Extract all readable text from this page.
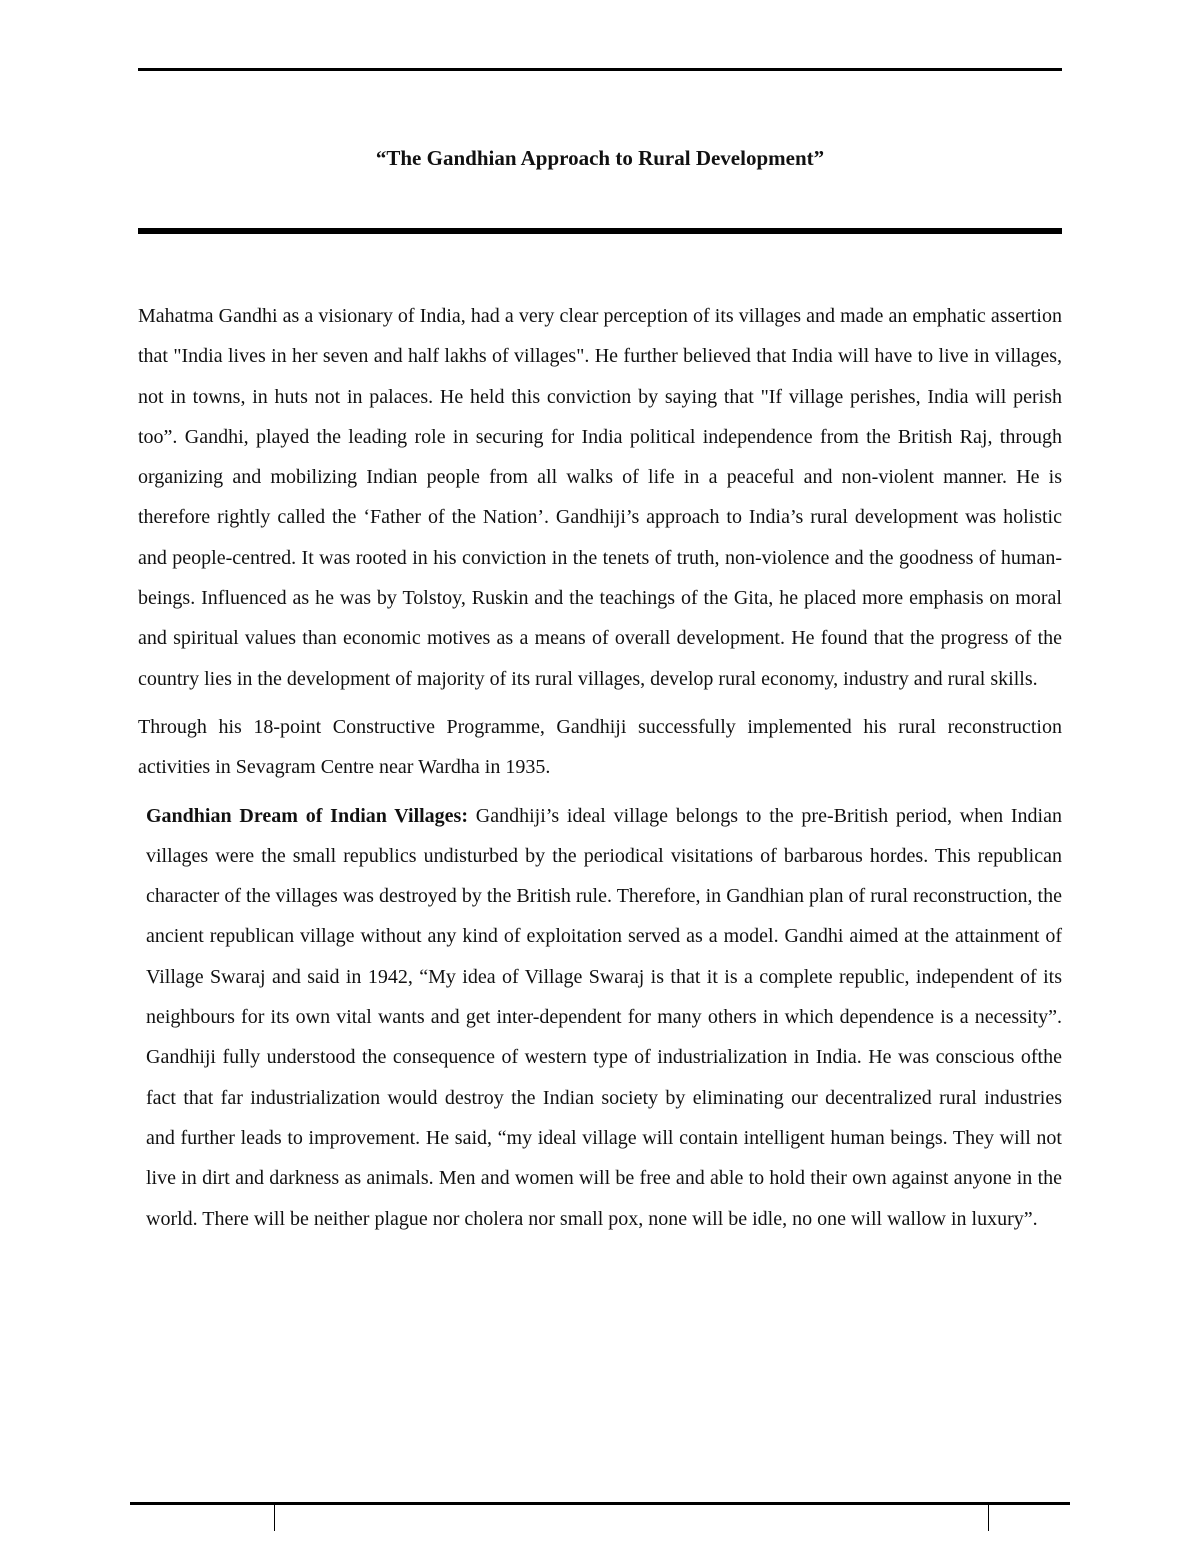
“The Gandhian Approach to Rural Development”

Mahatma Gandhi as a visionary of India, had a very clear perception of its villages and made an emphatic assertion that "India lives in her seven and half lakhs of villages". He further believed that India will have to live in villages, not in towns, in huts not in palaces. He held this conviction by saying that "If village perishes, India will perish too”. Gandhi, played the leading role in securing for India political independence from the British Raj, through organizing and mobilizing Indian people from all walks of life in a peaceful and non-violent manner. He is therefore rightly called the ‘Father of the Nation’. Gandhiji’s approach to India’s rural development was holistic and people-centred. It was rooted in his conviction in the tenets of truth, non-violence and the goodness of human-beings. Influenced as he was by Tolstoy, Ruskin and the teachings of the Gita, he placed more emphasis on moral and spiritual values than economic motives as a means of overall development. He found that the progress of the country lies in the development of majority of its rural villages, develop rural economy, industry and rural skills.

Through his 18-point Constructive Programme, Gandhiji successfully implemented his rural reconstruction activities in Sevagram Centre near Wardha in 1935.

Gandhian Dream of Indian Villages: Gandhiji’s ideal village belongs to the pre-British period, when Indian villages were the small republics undisturbed by the periodical visitations of barbarous hordes. This republican character of the villages was destroyed by the British rule. Therefore, in Gandhian plan of rural reconstruction, the ancient republican village without any kind of exploitation served as a model. Gandhi aimed at the attainment of Village Swaraj and said in 1942, “My idea of Village Swaraj is that it is a complete republic, independent of its neighbours for its own vital wants and get inter-dependent for many others in which dependence is a necessity”. Gandhiji fully understood the consequence of western type of industrialization in India. He was conscious ofthe fact that far industrialization would destroy the Indian society by eliminating our decentralized rural industries and further leads to improvement. He said, “my ideal village will contain intelligent human beings. They will not live in dirt and darkness as animals. Men and women will be free and able to hold their own against anyone in the world. There will be neither plague nor cholera nor small pox, none will be idle, no one will wallow in luxury”.
